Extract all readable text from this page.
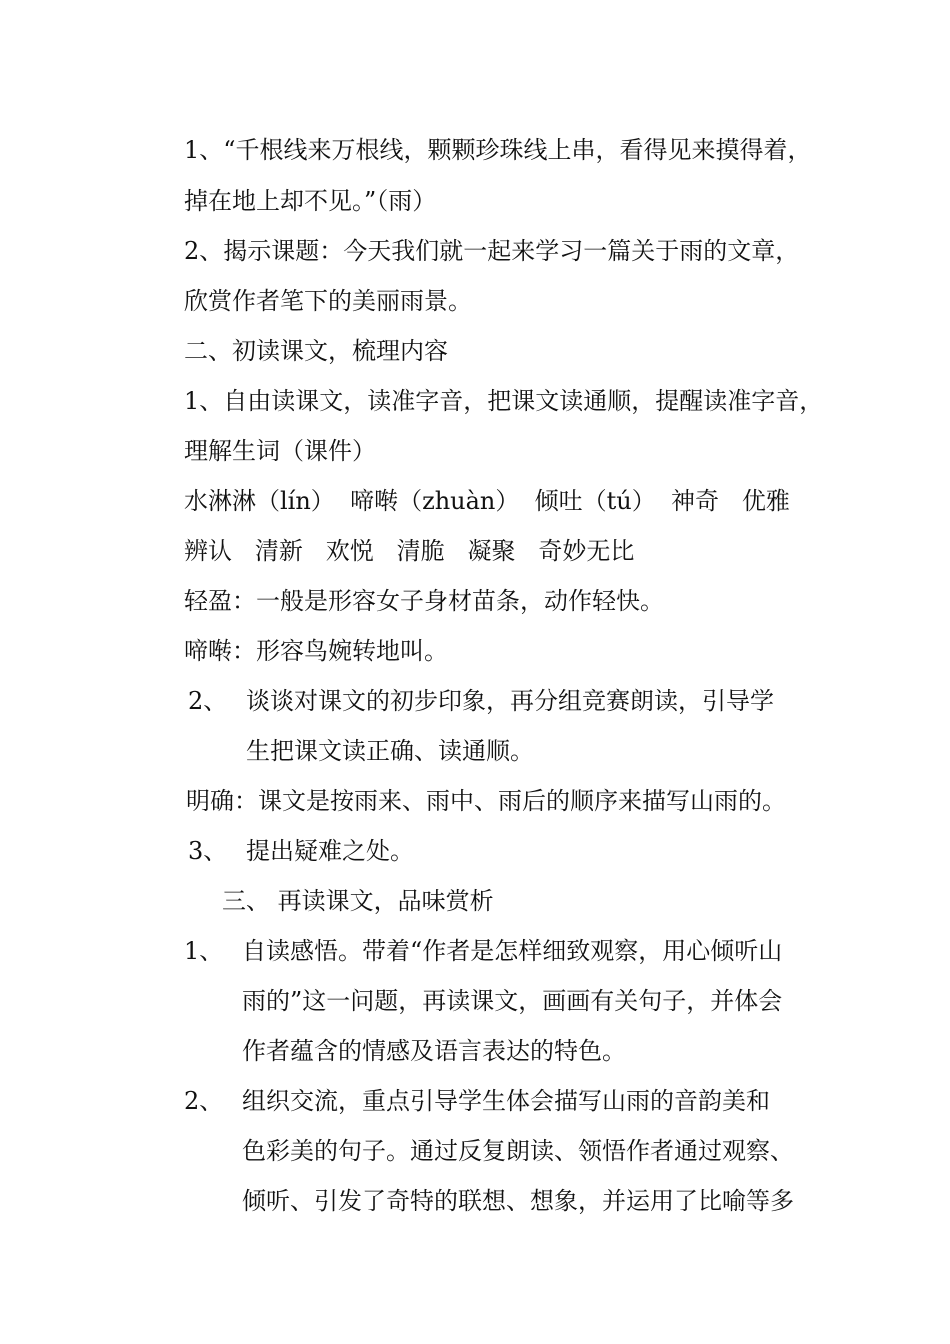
1、“千根线来万根线，颗颗珍珠线上串，看得见来摸得着，
掉在地上却不见。”（雨）
2、揭示课题：今天我们就一起来学习一篇关于雨的文章，
欣赏作者笔下的美丽雨景。
二、初读课文，梳理内容
1、自由读课文，读准字音，把课文读通顺，提醒读准字音，
理解生词（课件）
水淋淋（lín）  啼啭（zhuàn）  倾吐（tú）  神奇   优雅
辨认   清新   欢悦   清脆   凝聚   奇妙无比
轻盈：一般是形容女子身材苗条，动作轻快。
啼啭：形容鸟婉转地叫。
2、 谈谈对课文的初步印象，再分组竞赛朗读，引导学
生把课文读正确、读通顺。
明确：课文是按雨来、雨中、雨后的顺序来描写山雨的。
3、 提出疑难之处。
三、 再读课文，品味赏析
1、 自读感悟。带着“作者是怎样细致观察，用心倾听山
雨的”这一问题，再读课文，画画有关句子，并体会
作者蕴含的情感及语言表达的特色。
2、 组织交流，重点引导学生体会描写山雨的音韵美和
色彩美的句子。通过反复朗读、领悟作者通过观察、
倾听、引发了奇特的联想、想象，并运用了比喻等多
